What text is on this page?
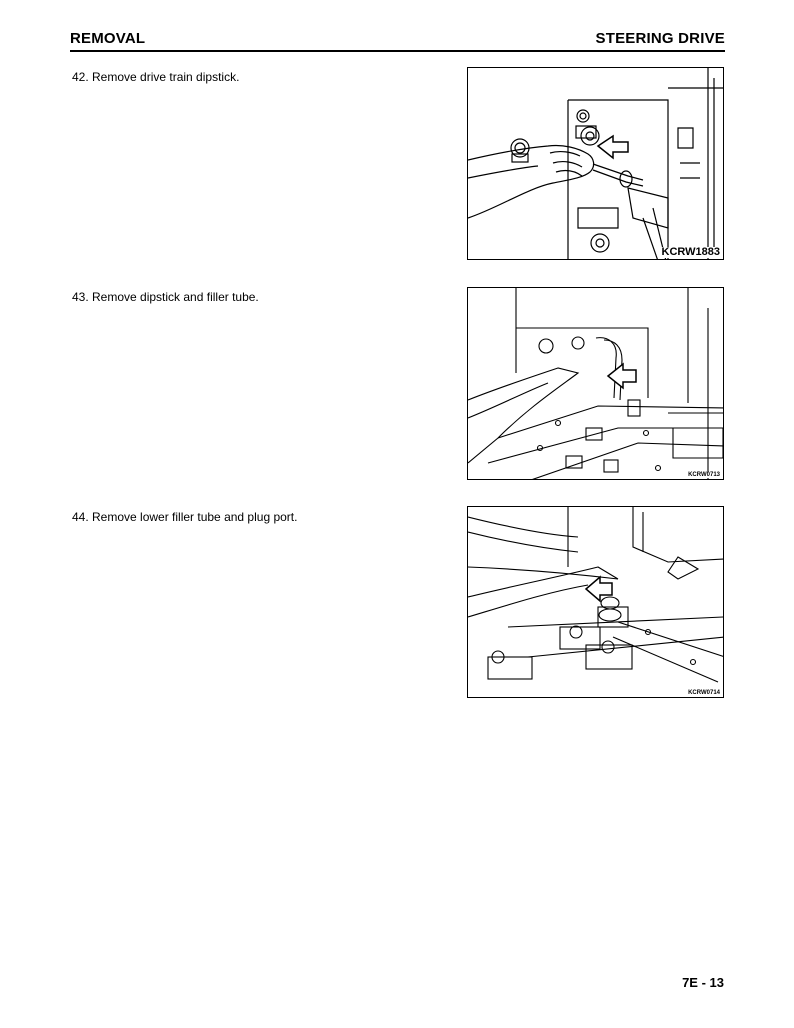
REMOVAL	STEERING DRIVE
42. Remove drive train dipstick.
KCRW1883
43. Remove dipstick and filler tube.
KCRW0713
44. Remove lower filler tube and plug port.
KCRW0714
7E - 13
